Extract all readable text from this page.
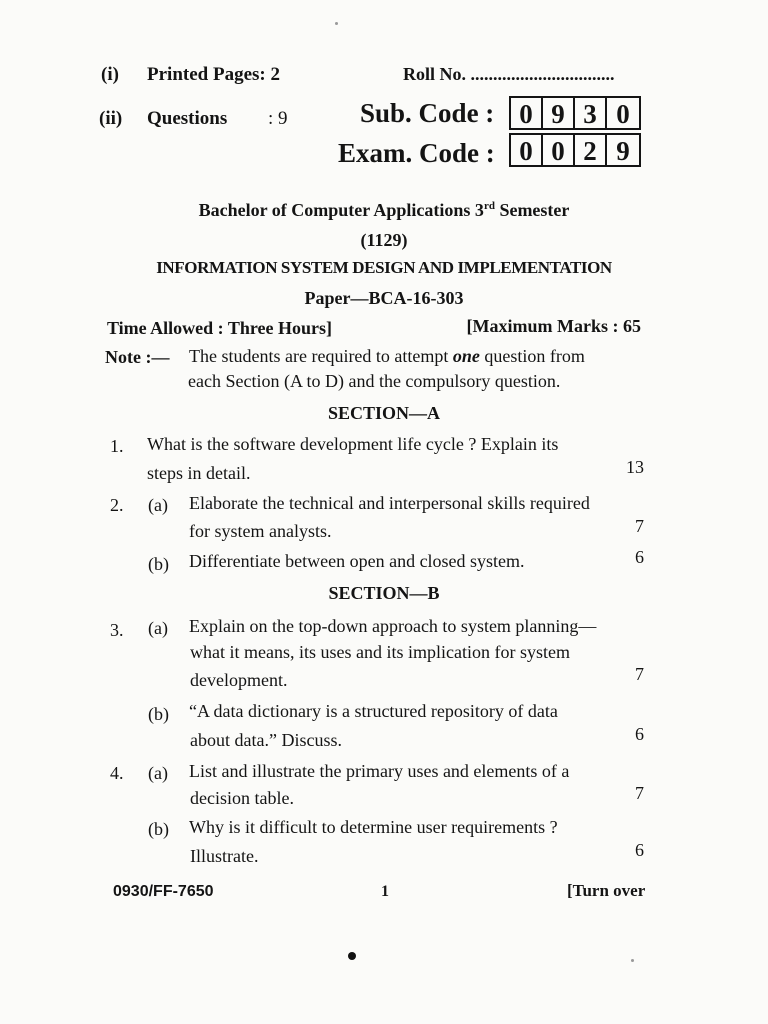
(i) Printed Pages: 2	Roll No. ................................
(ii) Questions : 9	Sub. Code : 0 9 3 0
Exam. Code : 0 0 2 9
Bachelor of Computer Applications 3rd Semester
(1129)
INFORMATION SYSTEM DESIGN AND IMPLEMENTATION
Paper—BCA-16-303
Time Allowed : Three Hours]	[Maximum Marks : 65
Note :— The students are required to attempt one question from
each Section (A to D) and the compulsory question.
SECTION—A
1. What is the software development life cycle ? Explain its
steps in detail.	13
2. (a) Elaborate the technical and interpersonal skills required
for system analysts.	7
(b) Differentiate between open and closed system.	6
SECTION—B
3. (a) Explain on the top-down approach to system planning—
what it means, its uses and its implication for system
development.	7
(b) “A data dictionary is a structured repository of data
about data.” Discuss.	6
4. (a) List and illustrate the primary uses and elements of a
decision table.	7
(b) Why is it difficult to determine user requirements ?
Illustrate.	6
0930/FF-7650	1	[Turn over
